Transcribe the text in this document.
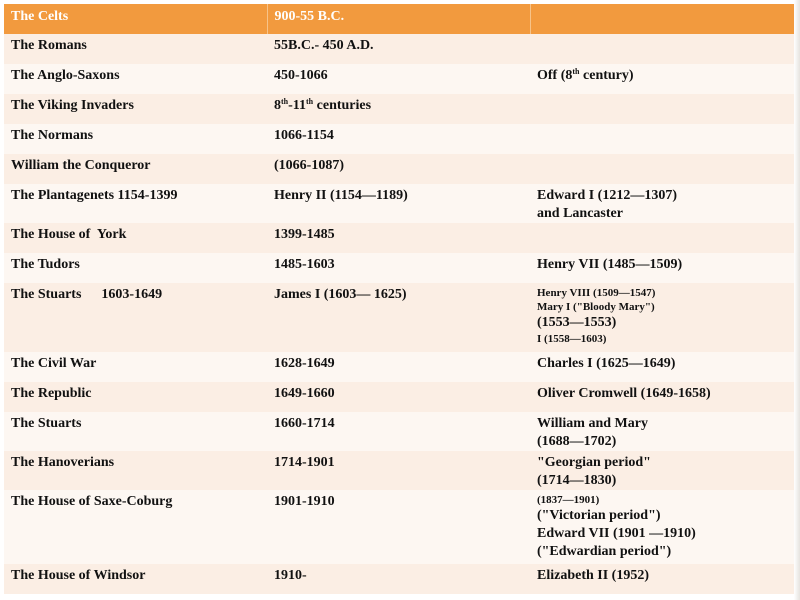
The Celts	900-55 B.C.	
The Romans	55B.C.- 450 A.D.	
The Anglo-Saxons	450-1066	Off (8th century)
The Viking Invaders	8th-11th centuries	
The Normans	1066-1154	
William the Conqueror	(1066-1087)	
The Plantagenets 1154-1399	Henry II (1154—1189)	Edward I (1212—1307)
and Lancaster

The House of  York	1399-1485	
The Tudors	1485-1603	Henry VII (1485—1509)
The Stuarts 1603-1649	James I (1603— 1625)	Henry VIII (1509—1547)
Mary I ("Bloody Mary")
(1553—1553)
I (1558—1603)

The Civil War	1628-1649	Charles I (1625—1649)
The Republic	1649-1660	Oliver Cromwell (1649-1658)
The Stuarts	1660-1714	William and Mary
(1688—1702)

The Hanoverians	1714-1901	"Georgian period"
(1714—1830)

The House of Saxe-Coburg	1901-1910	(1837—1901)
("Victorian period")
Edward VII (1901 —1910)
("Edwardian period")

The House of Windsor	1910-	Elizabeth II (1952)
